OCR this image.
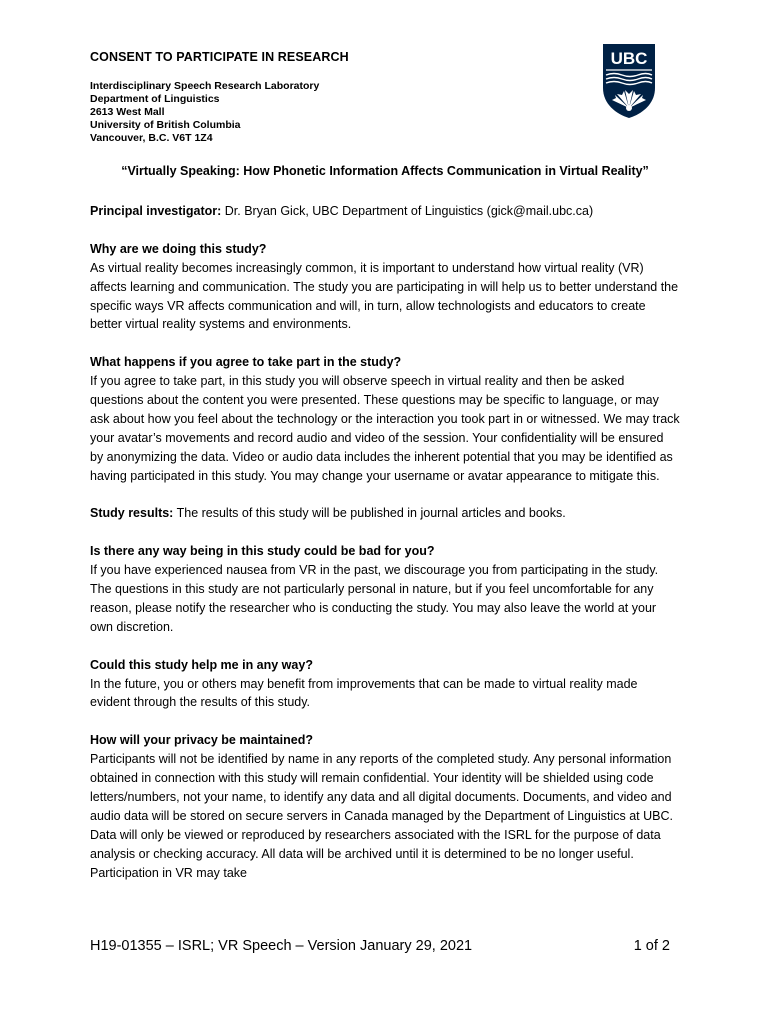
CONSENT TO PARTICIPATE IN RESEARCH
Interdisciplinary Speech Research Laboratory
Department of Linguistics
2613 West Mall
University of British Columbia
Vancouver, B.C. V6T 1Z4
UBC
“Virtually Speaking: How Phonetic Information Affects Communication in Virtual Reality”

Principal investigator: Dr. Bryan Gick, UBC Department of Linguistics (gick@mail.ubc.ca)

Why are we doing this study?
As virtual reality becomes increasingly common, it is important to understand how virtual reality (VR) affects learning and communication. The study you are participating in will help us to better understand the specific ways VR affects communication and will, in turn, allow technologists and educators to create better virtual reality systems and environments.

What happens if you agree to take part in the study?
If you agree to take part, in this study you will observe speech in virtual reality and then be asked questions about the content you were presented. These questions may be specific to language, or may ask about how you feel about the technology or the interaction you took part in or witnessed. We may track your avatar’s movements and record audio and video of the session. Your confidentiality will be ensured by anonymizing the data. Video or audio data includes the inherent potential that you may be identified as having participated in this study. You may change your username or avatar appearance to mitigate this.

Study results: The results of this study will be published in journal articles and books.

Is there any way being in this study could be bad for you?
If you have experienced nausea from VR in the past, we discourage you from participating in the study. The questions in this study are not particularly personal in nature, but if you feel uncomfortable for any reason, please notify the researcher who is conducting the study. You may also leave the world at your own discretion.

Could this study help me in any way?
In the future, you or others may benefit from improvements that can be made to virtual reality made evident through the results of this study.

How will your privacy be maintained?
Participants will not be identified by name in any reports of the completed study. Any personal information obtained in connection with this study will remain confidential. Your identity will be shielded using code letters/numbers, not your name, to identify any data and all digital documents. Documents, and video and audio data will be stored on secure servers in Canada managed by the Department of Linguistics at UBC. Data will only be viewed or reproduced by researchers associated with the ISRL for the purpose of data analysis or checking accuracy. All data will be archived until it is determined to be no longer useful. Participation in VR may take

H19-01355 – ISRL; VR Speech – Version January 29, 2021	1 of 2
